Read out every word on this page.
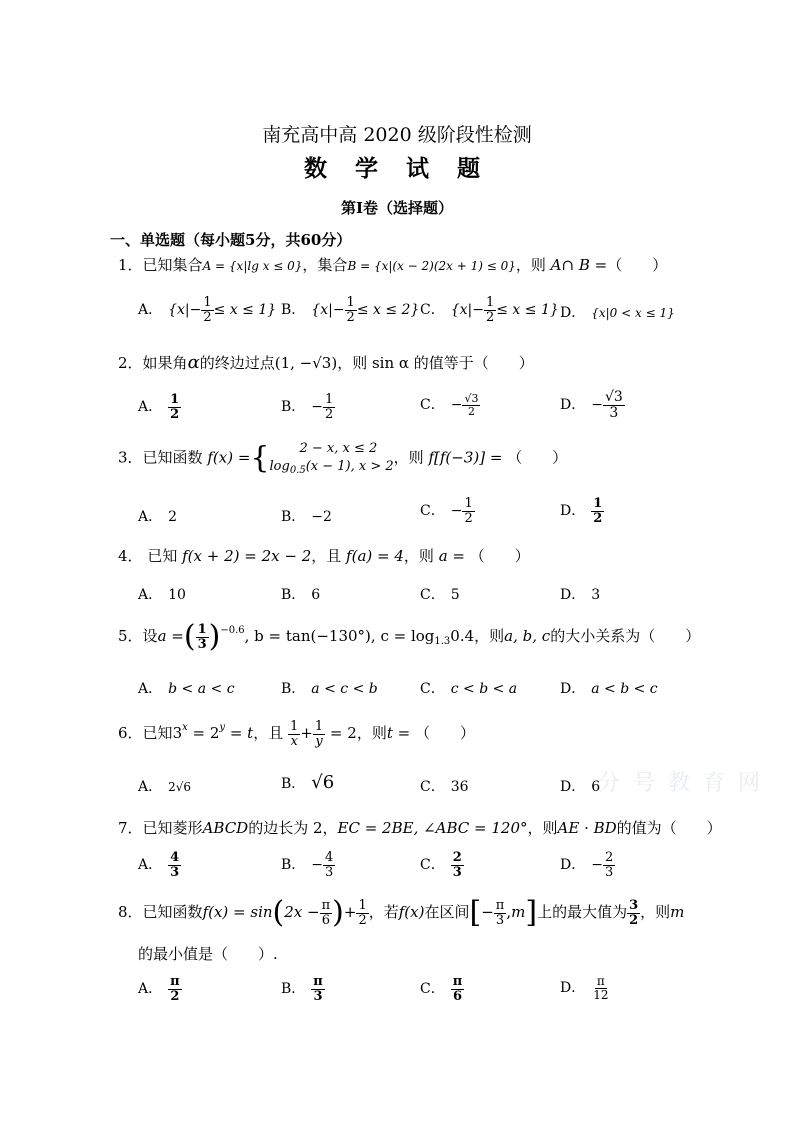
南充高中高 2020 级阶段性检测
数 学 试 题
第Ⅰ卷（选择题）
一、单选题（每小题5分，共60分）
1．已知集合A = {x|lg x ≤ 0}，集合B = {x|(x − 2)(2x + 1) ≤ 0}，则 A∩ B =（　　）
A． $\{x|- \frac{1}{2} \le x \le 1\}$ B． $\{x|- \frac{1}{2} \le x \le 2\}$ C． $\{x|- \frac{1}{2} \le x \le 1\}$ D． {x|0 < x ≤ 1}
2．如果角α的终边过点(1, −√3)，则 sin α 的值等于（　　）
A． $\frac{1}{2}$	B． − $\frac{1}{2}$	C． − $\frac{√3}{2}$	D． − $\frac{√3}{3}$
3．已知函数 f(x) ={	2 − x, x ≤ 2
$\log_{0.5}(x - 1)$, x > 2 ，则 f[f(−3)] = （　　）
A． 2	B． −2	C． − $\frac{1}{2}$	D． $\frac{1}{2}$
4． 已知 f(x + 2) = 2x − 2，且 f(a) = 4，则 a = （　　）
A． 10	B． 6	C． 5	D． 3
5．设a =( $\frac{1}{3} )^{-0.6}$, b = tan(−130°), $c = \log_{1.3}0.4$，则a, b, c的大小关系为（　　）
A． b < a < c	B． a < c < b	C． c < b < a	D． a < b < c
6．已知$3^x = 2^y = t$，且 $\frac{1}{x} + \frac{1}{y} = 2$，则t = （　　）
A． 2√6	B． √6	C． 36	D． 6
分 号 教 育 网
7．已知菱形ABCD的边长为 2，EC = 2BE, ∠ABC = 120°，则AE · BD的值为（　　）
A． $\frac{4}{3}$	B． − $\frac{4}{3}$	C． $\frac{2}{3}$	D． − $\frac{2}{3}$
8．已知函数$f(x) = \sin(2x - \frac{\pi}{6}$ )+ $\frac{1}{2}$ ，若f(x)在区间[− $\frac{\pi}{3} ,m$]上的最大值为 $\frac{3}{2}$ ，则m
的最小值是（　　）.
A． $\frac{\pi}{2}$	B． $\frac{\pi}{3}$	C． $\frac{\pi}{6}$	D． $\frac{\pi}{12}$
